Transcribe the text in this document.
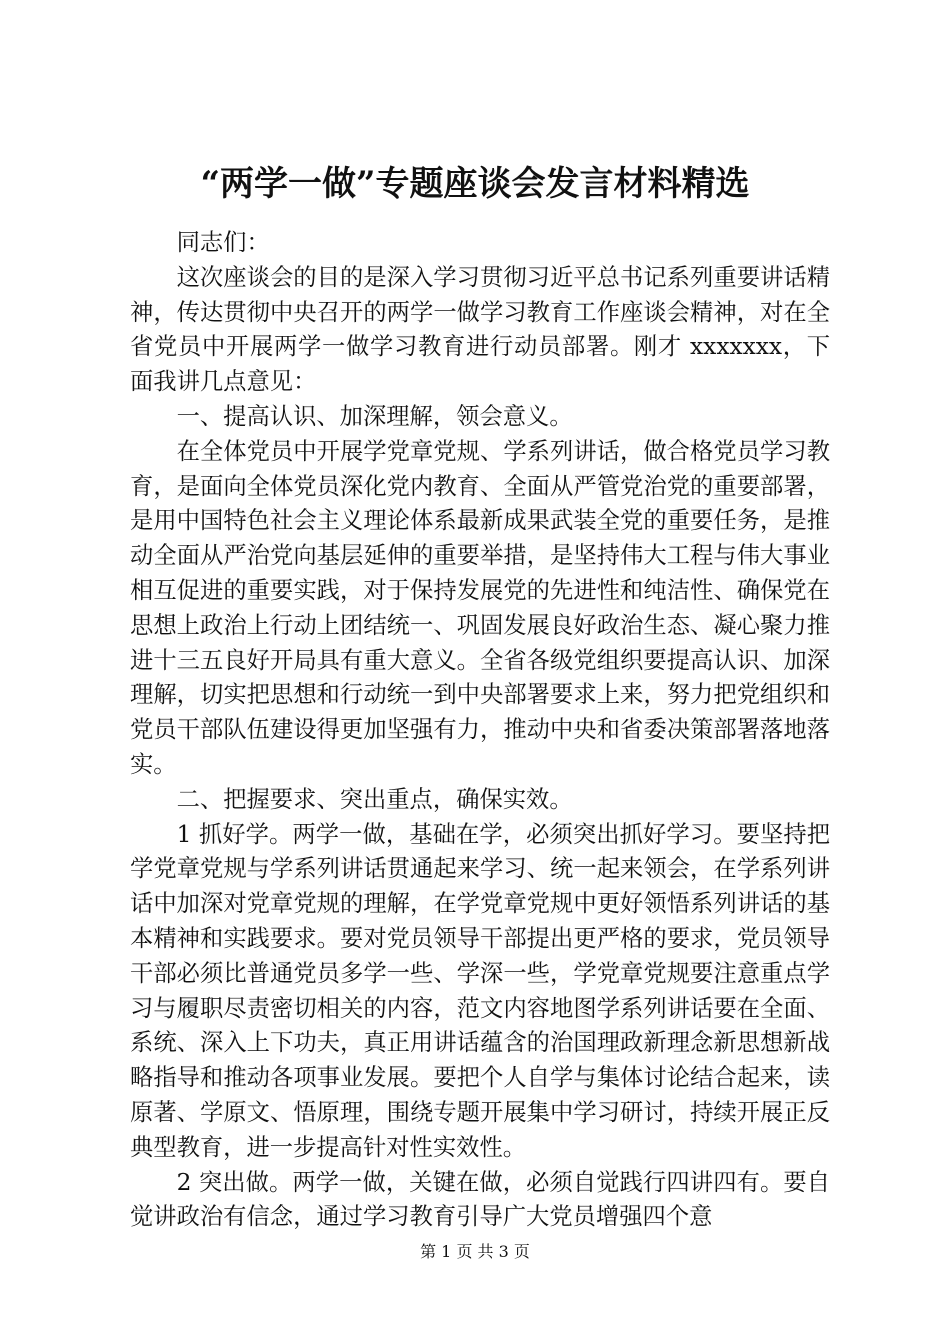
“两学一做”专题座谈会发言材料精选

同志们：

这次座谈会的目的是深入学习贯彻习近平总书记系列重要讲话精神，传达贯彻中央召开的两学一做学习教育工作座谈会精神，对在全省党员中开展两学一做学习教育进行动员部署。刚才 xxxxxxx，下面我讲几点意见：

一、提高认识、加深理解，领会意义。

在全体党员中开展学党章党规、学系列讲话，做合格党员学习教育，是面向全体党员深化党内教育、全面从严管党治党的重要部署，是用中国特色社会主义理论体系最新成果武装全党的重要任务，是推动全面从严治党向基层延伸的重要举措，是坚持伟大工程与伟大事业相互促进的重要实践，对于保持发展党的先进性和纯洁性、确保党在思想上政治上行动上团结统一、巩固发展良好政治生态、凝心聚力推进十三五良好开局具有重大意义。全省各级党组织要提高认识、加深理解，切实把思想和行动统一到中央部署要求上来，努力把党组织和党员干部队伍建设得更加坚强有力，推动中央和省委决策部署落地落实。

二、把握要求、突出重点，确保实效。

1 抓好学。两学一做，基础在学，必须突出抓好学习。要坚持把学党章党规与学系列讲话贯通起来学习、统一起来领会，在学系列讲话中加深对党章党规的理解，在学党章党规中更好领悟系列讲话的基本精神和实践要求。要对党员领导干部提出更严格的要求，党员领导干部必须比普通党员多学一些、学深一些，学党章党规要注意重点学习与履职尽责密切相关的内容，范文内容地图学系列讲话要在全面、系统、深入上下功夫，真正用讲话蕴含的治国理政新理念新思想新战略指导和推动各项事业发展。要把个人自学与集体讨论结合起来，读原著、学原文、悟原理，围绕专题开展集中学习研讨，持续开展正反典型教育，进一步提高针对性实效性。

2 突出做。两学一做，关键在做，必须自觉践行四讲四有。要自觉讲政治有信念，通过学习教育引导广大党员增强四个意

第 1 页 共 3 页
